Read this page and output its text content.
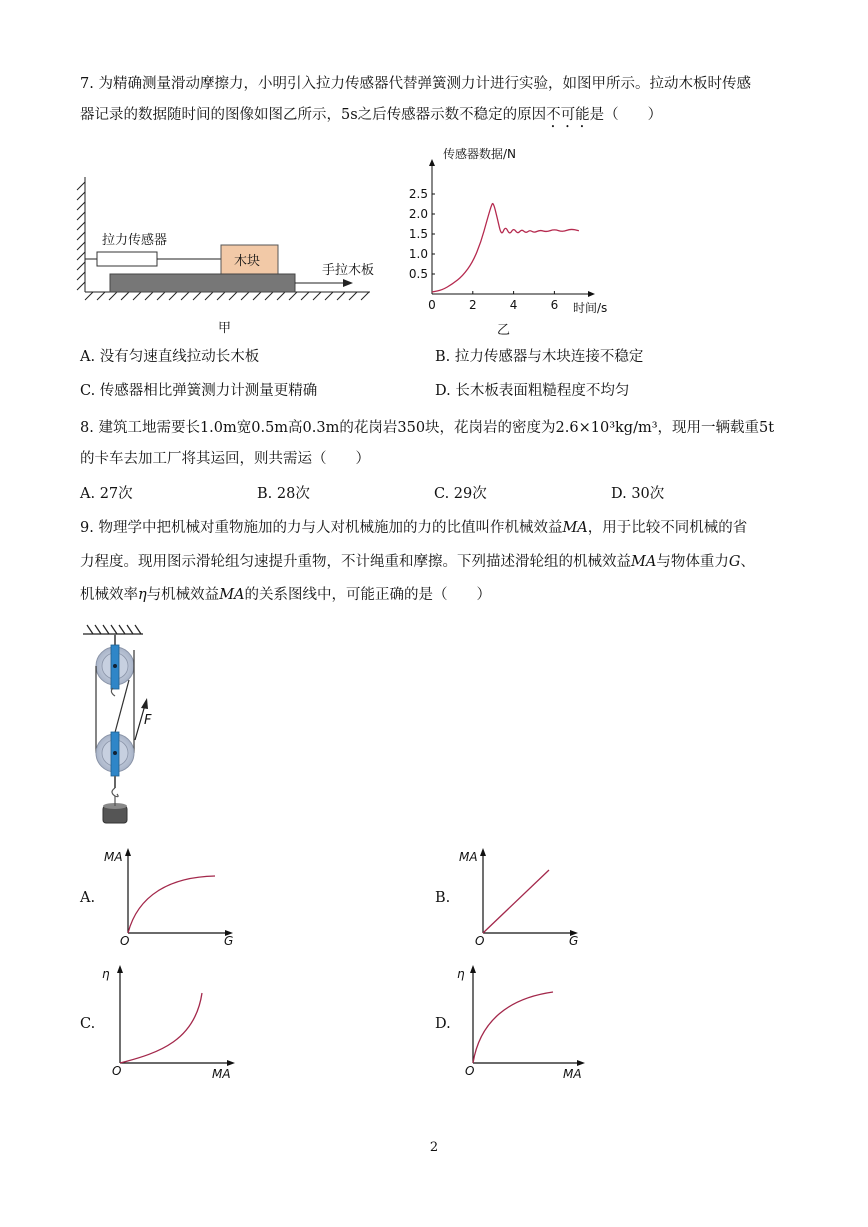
7. 为精确测量滑动摩擦力，小明引入拉力传感器代替弹簧测力计进行实验，如图甲所示。拉动木板时传感
器记录的数据随时间的图像如图乙所示，5s之后传感器示数不稳定的原因不可能是（　　）
拉力传感器
木块
手拉木板
甲
传感器数据/N
时间/s
乙
0	2	4	6
0.5
1.0
1.5
2.0
2.5
A. 没有匀速直线拉动长木板	B. 拉力传感器与木块连接不稳定
C. 传感器相比弹簧测力计测量更精确	D. 长木板表面粗糙程度不均匀
8. 建筑工地需要长1.0m宽0.5m高0.3m的花岗岩350块，花岗岩的密度为2.6×10³kg/m³，现用一辆载重5t
的卡车去加工厂将其运回，则共需运（　　）
A. 27次	B. 28次	C. 29次	D. 30次
9. 物理学中把机械对重物施加的力与人对机械施加的力的比值叫作机械效益MA，用于比较不同机械的省
力程度。现用图示滑轮组匀速提升重物，不计绳重和摩擦。下列描述滑轮组的机械效益MA与物体重力G、
机械效率η与机械效益MA的关系图线中，可能正确的是（　　）
F
A.
MA
G
O
B.
MA
G
O
C.
η
MA
O
D.
η
MA
O
2
